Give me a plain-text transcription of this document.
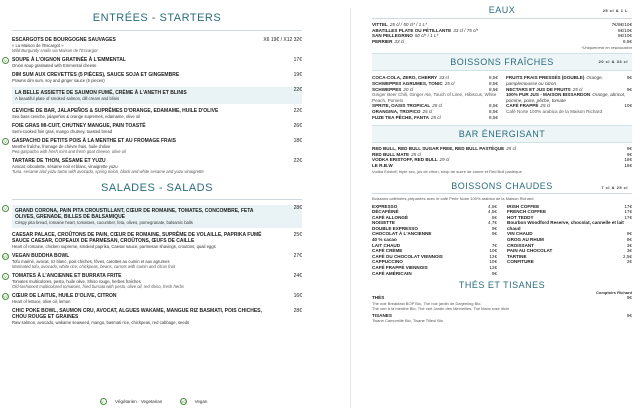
ENTRÉES - STARTERS
ESCARGOTS DE BOURGOGNE SAUVAGES
« La Maison de l'Escargot »
Wild Burgundy snails via Maison de l'Escargot
X6 19€ / X12 32€
V	SOUPE À L'OIGNON GRATINÉE À L'EMMENTAL
Onion soup gratinated with Emmental cheese
17€
DIM SUM AUX CREVETTES (5 PIÈCES), SAUCE SOJA ET GINGEMBRE
Prawns dim sum, soy and ginger sauce (5 pieces)
19€
LA BELLE ASSIETTE DE SAUMON FUMÉ, CRÈME À L'ANETH ET BLINIS
A beautiful plate of smoked salmon, dill cream and blinis
22€
CEVICHE DE BAR, JALAPEÑOS & SUPRÊMES D'ORANGE, EDAMAME, HUILE D'OLIVE
Sea bass ceviche, jalapeños & orange supremes, edamame, olive oil
22€
FOIE GRAS MI-CUIT, CHUTNEY MANGUE, PAIN TOASTÉ
Semi-cooked foie gras, mango chutney, toasted bread
26€
V	GASPACHO DE PETITS POIS À LA MENTHE ET AU FROMAGE FRAIS
Menthe fraîche, fromage de chèvre frais, huile d'olive
Pea gaspacho with fresh mint and fresh goat cheese, olive oil
18€
TARTARE DE THON, SÉSAME ET YUZU
Avocat, ciboulette, sésame noir et blanc, vinaigrette yuzu
Tuna, sesame and yuzu tartar with avocado, spring onion, black and white sesame and yuzu vinaigrette
22€
SALADES - SALADS
V	GRAND CORONA, PAIN PITA CROUSTILLANT, CŒUR DE ROMAINE, TOMATES, CONCOMBRE, FETA OLIVES, GRENADE, BILLES DE BALSAMIQUE
Crispy pita bread, romaine heart, tomatoes, cucumber, feta, olives, pomegranate, balsamic balls
28€
CAESAR PALACE, CROÛTONS DE PAIN, CŒUR DE ROMAINE, SUPRÊME DE VOLAILLE, PAPRIKA FUMÉ SAUCE CAESAR, COPEAUX DE PARMESAN, CROÛTONS, ŒUFS DE CAILLE
Heart of romaine, chicken supreme, smoked paprika, Caesar sauce, parmesan shavings, croutons, quail eggs
25€
VG VEGAN BUDDHA BOWL
Tofu mariné, avocat, riz blanc, pois chiches, fèves, carottes au cumin et aux agrumes
Marinated tofu, avocado, white rice, chickpeas, beans, carrots with cumin and citrus fruit
27€
V	TOMATES À L'ANCIENNE ET BURRATA FRITE
Tomates multicolores, pesto, huile olive, Shiso rouge, herbes fraîches
Old-fashioned multicolored tomatoes, fried burrata with pesto, olive oil, red shiso, fresh herbs
24€
VG CŒUR DE LAITUE, HUILE D'OLIVE, CITRON
Heart of lettuce, olive oil, lemon
16€
CHIC POKE BOWL, SAUMON CRU, AVOCAT, ALGUES WAKAME, MANGUE RIZ BASMATI, POIS CHICHES, CHOU ROUGE ET GRAINES
Raw salmon, avocado, wakame seaweed, mango, basmati rice, chickpeas, red cabbage, seeds
28€
V	Végétarien · Vegetarian
	VG Vegan
EAUX	25 cl & 1 L
VITTEL 25 cl / 50 cl* / 1 L*	7€/8€/10€
ABATILLES PLATE OU PÉTILLANTE 33 cl / 75 cl*	8€/10€
SAN PELLEGRINO 50 cl* / 1 L*	8€/10€
PERRIER 33 cl	8,5€
*Uniquement en restauration
BOISSONS FRAÎCHES	20 cl & 33 cl
COCA-COLA, ZERO, CHERRY 33 cl	8,5€
SCHWEPPES AGRUMES, TONIC 25 cl	8,5€
SCHWEPPES 20 cl	8,5€
Ginger Beer Chili, Ginger Ale, Touch of Lime, Hibiscus, White Peach, Pomelo
SPRITE, OASIS TROPICAL 25 cl	8,5€
ORANGINA, TROPICO 25 cl	8,5€
FUZE TEA PÊCHE, FANTA 25 cl	8,5€
FRUITS FRAIS PRESSÉS (DOUBLE) Orange, pamplemousse ou citron
9€
NECTARS ET JUS DE FRUITS 25 cl	9€
100% PUR JUS - MAISON BISSARDON Orange, abricot, pomme, poire, pêche, tomate
CAFÉ FRAPPÉ 25 cl	10€
Café Norte 100% arabica de la Maison Richard
BAR ÉNERGISANT
RED BULL, RED BULL SUGAR FREE, RED BULL PASTÈQUE 25 cl	9€
RED BULL MATE 25 cl	9€
VODKA ERISTOFF, RED BULL 29 cl	18€
LE R.B.W	18€
Vodka Eristoff, triple sec, jus de citron, sirop de sucre de canne et Red Bull pastèque
BOISSONS CHAUDES	7 cl & 25 cl
Boissons caféinées préparées avec le café Perle Noire 100% arabica de la Maison Richard
EXPRESSO	4,5€
DÉCAFÉINÉ	4,5€
CAFÉ ALLONGÉ	5€
NOISETTE	4,7€
DOUBLE EXPRESSO	9€
CHOCOLAT À L'ANCIENNE	9€
40 % cacao
LAIT CHAUD	7€
CAFÉ CRÈME	10€
CAFÉ OU CHOCOLAT VIENNOIS	12€
CAPPUCCINO	10€
CAFÉ FRAPPÉ VIENNOIS	12€
CAFÉ AMÉRICAIN	9€
IRISH COFFEE	17€
FRENCH COFFEE	17€
HOT TEDDY	17€
Bourbon Woodford Reserve, chocolat, cannelle et lait chaud
VIN CHAUD	9€
GROG AU RHUM	9€
CROISSANT	3€
PAIN AU CHOCOLAT	3€
TARTINE	2,5€
CONFITURE	2€
THÉS ET TISANES
Comptoirs Richard
THÉS	9€
Thé noir Breakfast BOP Bio, Thé noir jardin de Darjeeling Bio,
Thé vert à la menthe Bio, Thé vert Jardin des Merveilles, Thé blanc rose litchi
TISANES	9€
Tisane Camomille Bio, Tisane Tilleul Bio
